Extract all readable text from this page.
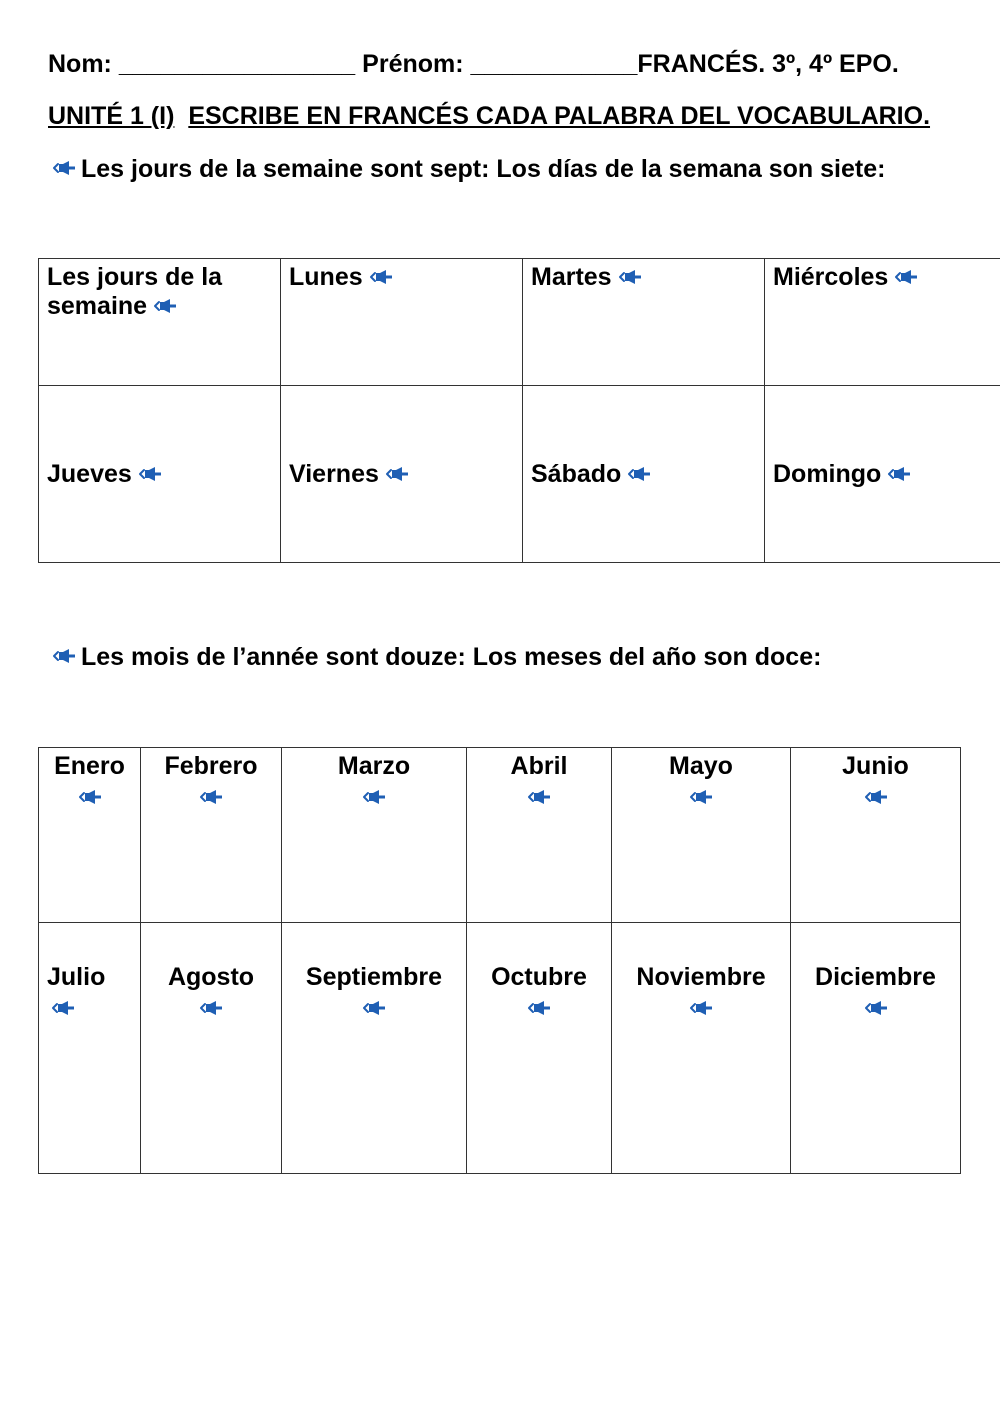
Nom: _________________ Prénom: ____________FRANCÉS. 3º, 4º EPO.
UNITÉ 1 (I) ESCRIBE EN FRANCÉS CADA PALABRA DEL VOCABULARIO.
Les jours de la semaine sont sept: Los días de la semana son siete:
Les jours de la semaine	Lunes	Martes	Miércoles

Jueves	Viernes	Sábado	Domingo
Les mois de l’année sont douze: Los meses del año son doce:
Enero	Febrero	Marzo	Abril	Mayo	Junio

Julio	Agosto	Septiembre	Octubre	Noviembre	Diciembre
